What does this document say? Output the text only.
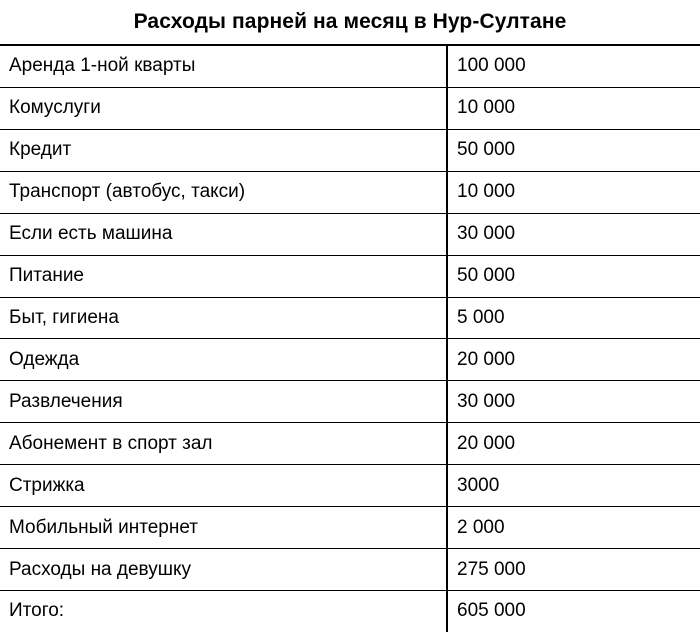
Расходы парней на месяц в Нур-Султане
Аренда 1-ной кварты	100 000
Комуслуги	10 000
Кредит	50 000
Транспорт (автобус, такси)	10 000
Если есть машина	30 000
Питание	50 000
Быт, гигиена	5 000
Одежда	20 000
Развлечения	30 000
Абонемент в спорт зал	20 000
Стрижка	3000
Мобильный интернет	2 000
Расходы на девушку	275 000
Итого:	605 000
